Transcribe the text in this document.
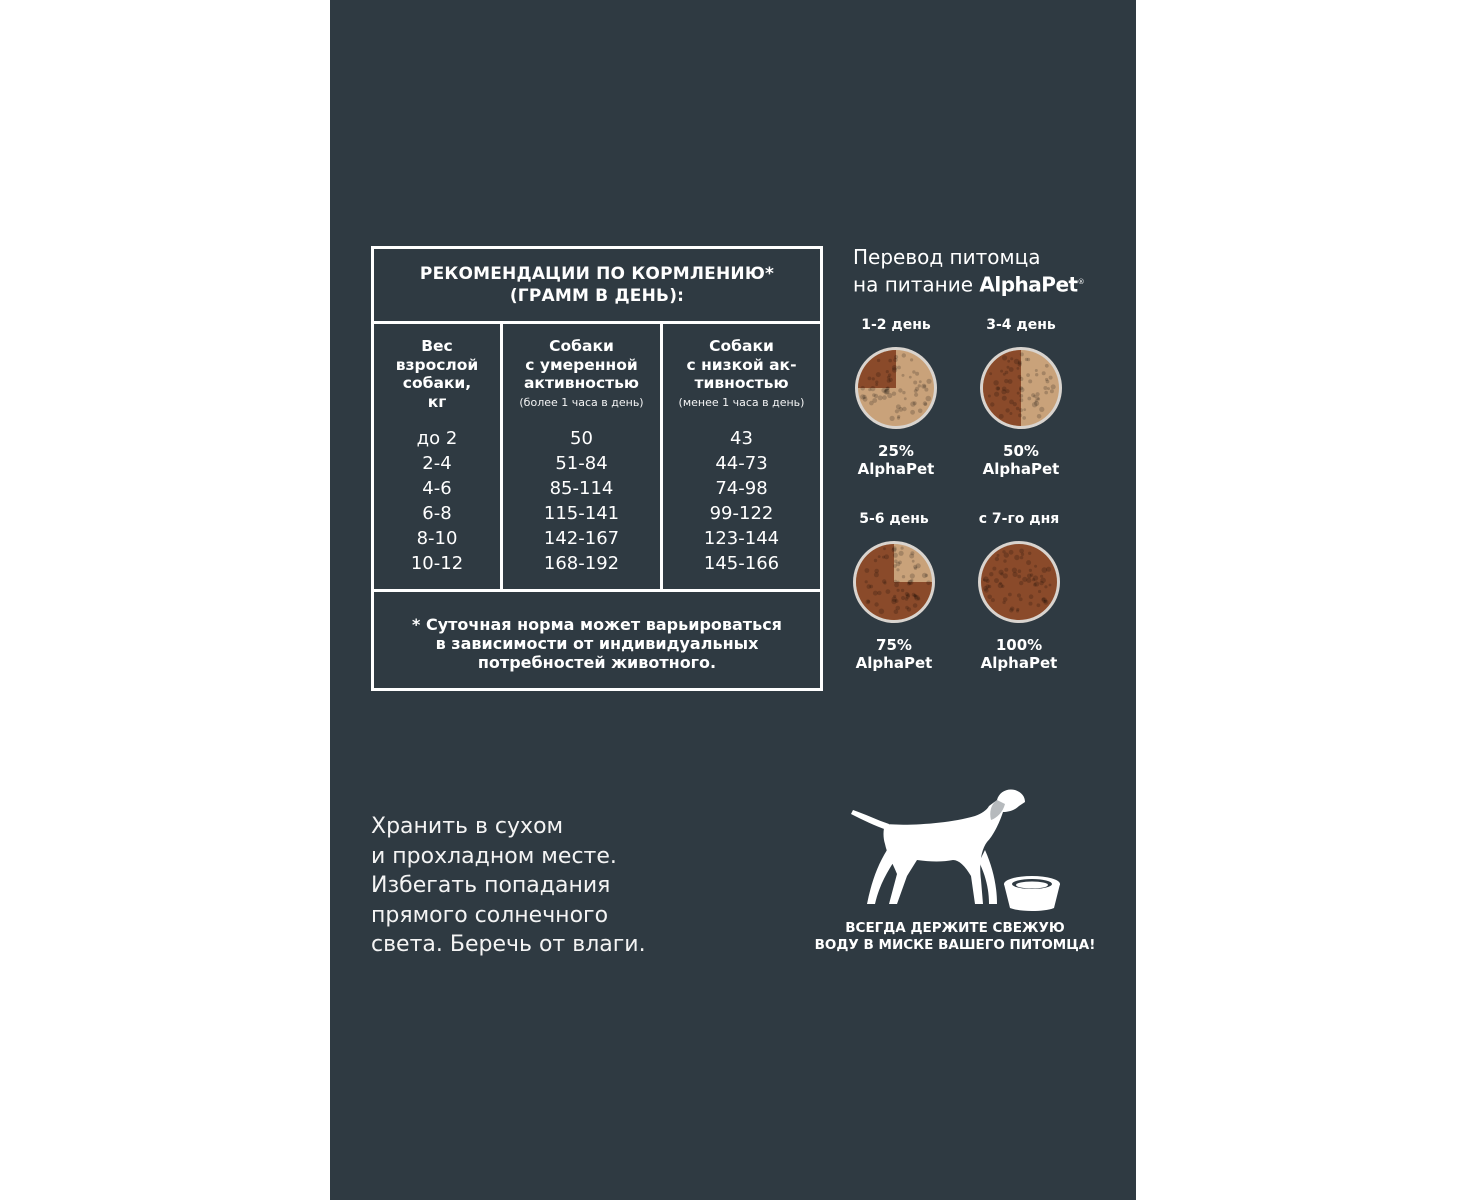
РЕКОМЕНДАЦИИ ПО КОРМЛЕНИЮ*
(ГРАММ В ДЕНЬ):
Вес
взрослой
собаки,
кг
до 2
2-4
4-6
6-8
8-10
10-12
Собаки
с умеренной
активностью
(более 1 часа в день)
50
51-84
85-114
115-141
142-167
168-192
Собаки
с низкой ак-
тивностью
(менее 1 часа в день)
43
44-73
74-98
99-122
123-144
145-166
* Суточная норма может варьироваться
в зависимости от индивидуальных
потребностей животного.
Перевод питомца
на питание AlphaPet®
1-2 день
25%
AlphaPet
3-4 день
50%
AlphaPet
5-6 день
75%
AlphaPet
с 7-го дня
100%
AlphaPet
Хранить в сухом
и прохладном месте.
Избегать попадания
прямого солнечного
света. Беречь от влаги.
ВСЕГДА ДЕРЖИТЕ СВЕЖУЮ
ВОДУ В МИСКЕ ВАШЕГО ПИТОМЦА!
